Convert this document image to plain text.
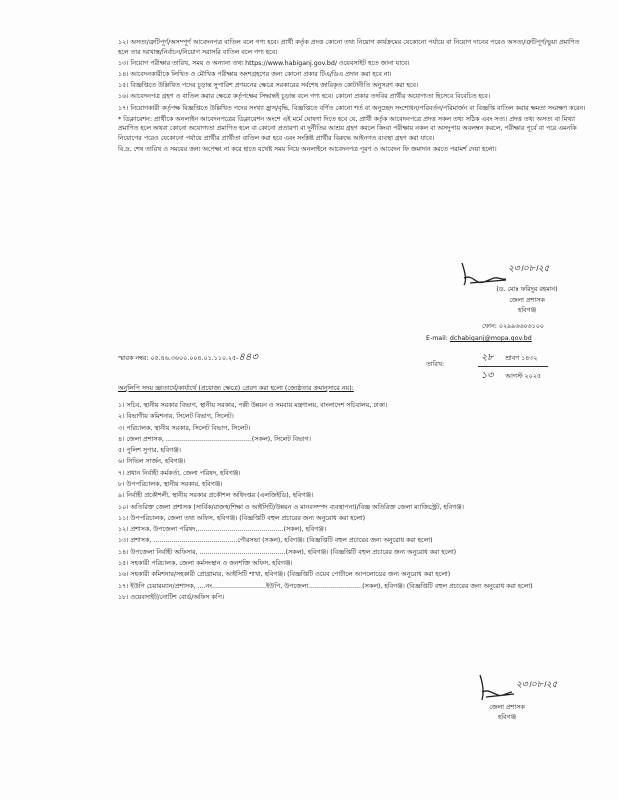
১২। অসত্য/ত্রুটিপূর্ণ/অসম্পূর্ণ আবেদনপত্র বাতিল বলে গণ্য হবে। প্রার্থী কর্তৃক প্রদত্ত কোনো তথ্য নিয়োগ কার্যক্রমের যেকোনো পর্যায়ে বা নিয়োগ দানের পরেও অসত্য/ত্রুটিপূর্ণ/ভুয়া প্রমাণিত হলে তার দরখাস্ত/নির্বাচন/নিয়োগ সরাসরি বাতিল বলে গণ্য হবে।

১৩। নিয়োগ পরীক্ষার তারিখ, সময় ও অন্যান্য তথ্য https://www.habiganj.gov.bd/ ওয়েবসাইট হতে জানা যাবে।

১৪। আবেদনকারীকে লিখিত ও মৌখিক পরীক্ষায় অংশগ্রহণের জন্য কোনো প্রকার টিএ/ডিএ প্রদান করা হবে না।

১৫। বিজ্ঞপ্তিতে উল্লিখিত পদের চূড়ান্ত সুপারিশ প্রণয়নের ক্ষেত্রে সরকারের সর্বশেষ জারিকৃত কোটানীতি অনুসরণ করা হবে।

১৬। আবেদনপত্র গ্রহণ ও বাতিল করার ক্ষেত্রে কর্তৃপক্ষের সিদ্ধান্তই চূড়ান্ত বলে গণ্য হবে। কোনো প্রকার তদবির প্রার্থীর অযোগ্যতা হিসেবে বিবেচিত হবে।

১৭। নিয়োগকারী কর্তৃপক্ষ বিজ্ঞপ্তিতে উল্লিখিত পদের সংখ্যা হ্রাস/বৃদ্ধি, বিজ্ঞপ্তিতে বর্ণিত কোনো শর্ত বা অনুচ্ছেদ সংশোধন/পরিবর্তন/পরিমার্জন বা বিজ্ঞপ্তি বাতিল করার ক্ষমতা সংরক্ষণ করেন।

* ডিক্লারেশন: প্রার্থীকে অনলাইন আবেদনপত্রের ডিক্লারেশন অংশে এই মর্মে ঘোষণা দিতে হবে যে, প্রার্থী কর্তৃক আবেদনপত্রে প্রদত্ত সকল তথ্য সঠিক এবং সত্য। প্রদত্ত তথ্য অসত্য বা মিথ্যা প্রমাণিত হলে অথবা কোনো অযোগ্যতা প্রমাণিত হলে বা কোনো প্রতারণা বা দুর্নীতির আশ্রয় গ্রহণ করলে কিংবা পরীক্ষায় নকল বা অসদুপায় অবলম্বন করলে, পরীক্ষার পূর্বে বা পরে এমনকি নিয়োগের পরেও যেকোনো পর্যায়ে প্রার্থীর প্রার্থীতা বাতিল করা হবে এবং সংশ্লিষ্ট প্রার্থীর বিরুদ্ধে আইনগত ব্যবস্থা গ্রহণ করা যাবে।

বি.দ্র. শেষ তারিখ ও সময়ের জন্য অপেক্ষা না করে হাতে যথেষ্ট সময় নিয়ে অনলাইনে আবেদনপত্র পূরণ ও আবেদন ফি জমাদান করতে পরামর্শ দেয়া হলো।

২৩।০৮।২৫
(ড. মোঃ ফরিদুর রহমান)
জেলা প্রশাসক
হবিগঞ্জ
ফোন: ০২৯৯৬৬০৬১০০
E-mail: dchabiganj@mopa.gov.bd
স্মারক নম্বর: ০৫.৪৬.৩৬০০.০০৪.০১.১১০.২৫-৪৪৩
তারিখ:
২৮ শ্রাবণ ১৪৩২
১৩ আগস্ট ২০২৫
অনুলিপি সদয় জ্ঞাতার্থে/কার্যার্থে (প্রযোজ্য ক্ষেত্রে) প্রেরণ করা হলো (জ্যেষ্ঠতার ক্রমানুসারে নয়):

১। সচিব, স্থানীয় সরকার বিভাগ, স্থানীয় সরকার, পল্লী উন্নয়ন ও সমবায় মন্ত্রণালয়, বাংলাদেশ সচিবালয়, ঢাকা।

২। বিভাগীয় কমিশনার, সিলেট বিভাগ, সিলেট।

৩। পরিচালক, স্থানীয় সরকার, সিলেট বিভাগ, সিলেট।

৪। জেলা প্রশাসক, ...........................................(সকল), সিলেট বিভাগ।

৫। পুলিশ সুপার, হবিগঞ্জ।

৬। সিভিল সার্জন, হবিগঞ্জ।

৭। প্রধান নির্বাহী কর্মকর্তা, জেলা পরিষদ, হবিগঞ্জ।

৮। উপপরিচালক, স্থানীয় সরকার, হবিগঞ্জ।

৯। নির্বাহী প্রকৌশলী, স্থানীয় সরকার প্রকৌশল অধিদপ্তর (এলজিইডি), হবিগঞ্জ।

১০। অতিরিক্ত জেলা প্রশাসক (সার্বিক/রাজস্ব/শিক্ষা ও আইসিটি/উন্নয়ন ও মানবসম্পদ ব্যবস্থাপনা)/বিজ্ঞ অতিরিক্ত জেলা ম্যাজিস্ট্রেট, হবিগঞ্জ।

১১। উপপরিচালক, জেলা তথ্য অফিস, হবিগঞ্জ। (বিজ্ঞপ্তিটি বহুল প্রচারের জন্য অনুরোধ করা হলো)

১২। প্রশাসক, উপজেলা পরিষদ,...........................................(সকল), হবিগঞ্জ।

১৩। প্রশাসক, ..........................................পৌরসভা (সকল), হবিগঞ্জ। (বিজ্ঞপ্তিটি বহুল প্রচারের জন্য অনুরোধ করা হলো)

১৪। উপজেলা নির্বাহী অফিসার, ...........................................(সকল), হবিগঞ্জ। (বিজ্ঞপ্তিটি বহুল প্রচারের জন্য অনুরোধ করা হলো)

১৫। সহকারী পরিচালক, জেলা কর্মসংস্থান ও জনশক্তি অফিস, হবিগঞ্জ।

১৬। সহকারী কমিশনার/সহকারী প্রোগ্রামার, আইসিটি শাখা, হবিগঞ্জ। (বিজ্ঞপ্তিটি ওয়েব পোর্টালে আপলোডের জন্য অনুরোধ করা হলো)

১৭। ইউপি চেয়ারম্যান/প্রশাসক, ....নং...........................ইউপি, উপজেলা...........................(সকল), হবিগঞ্জ। (বিজ্ঞপ্তিটি বহুল প্রচারের জন্য অনুরোধ করা হলো)

১৮। ওয়েবসাইট/নোটিশ বোর্ড/অফিস কপি।

২৩।০৮।২৫
জেলা প্রশাসক
হবিগঞ্জ
